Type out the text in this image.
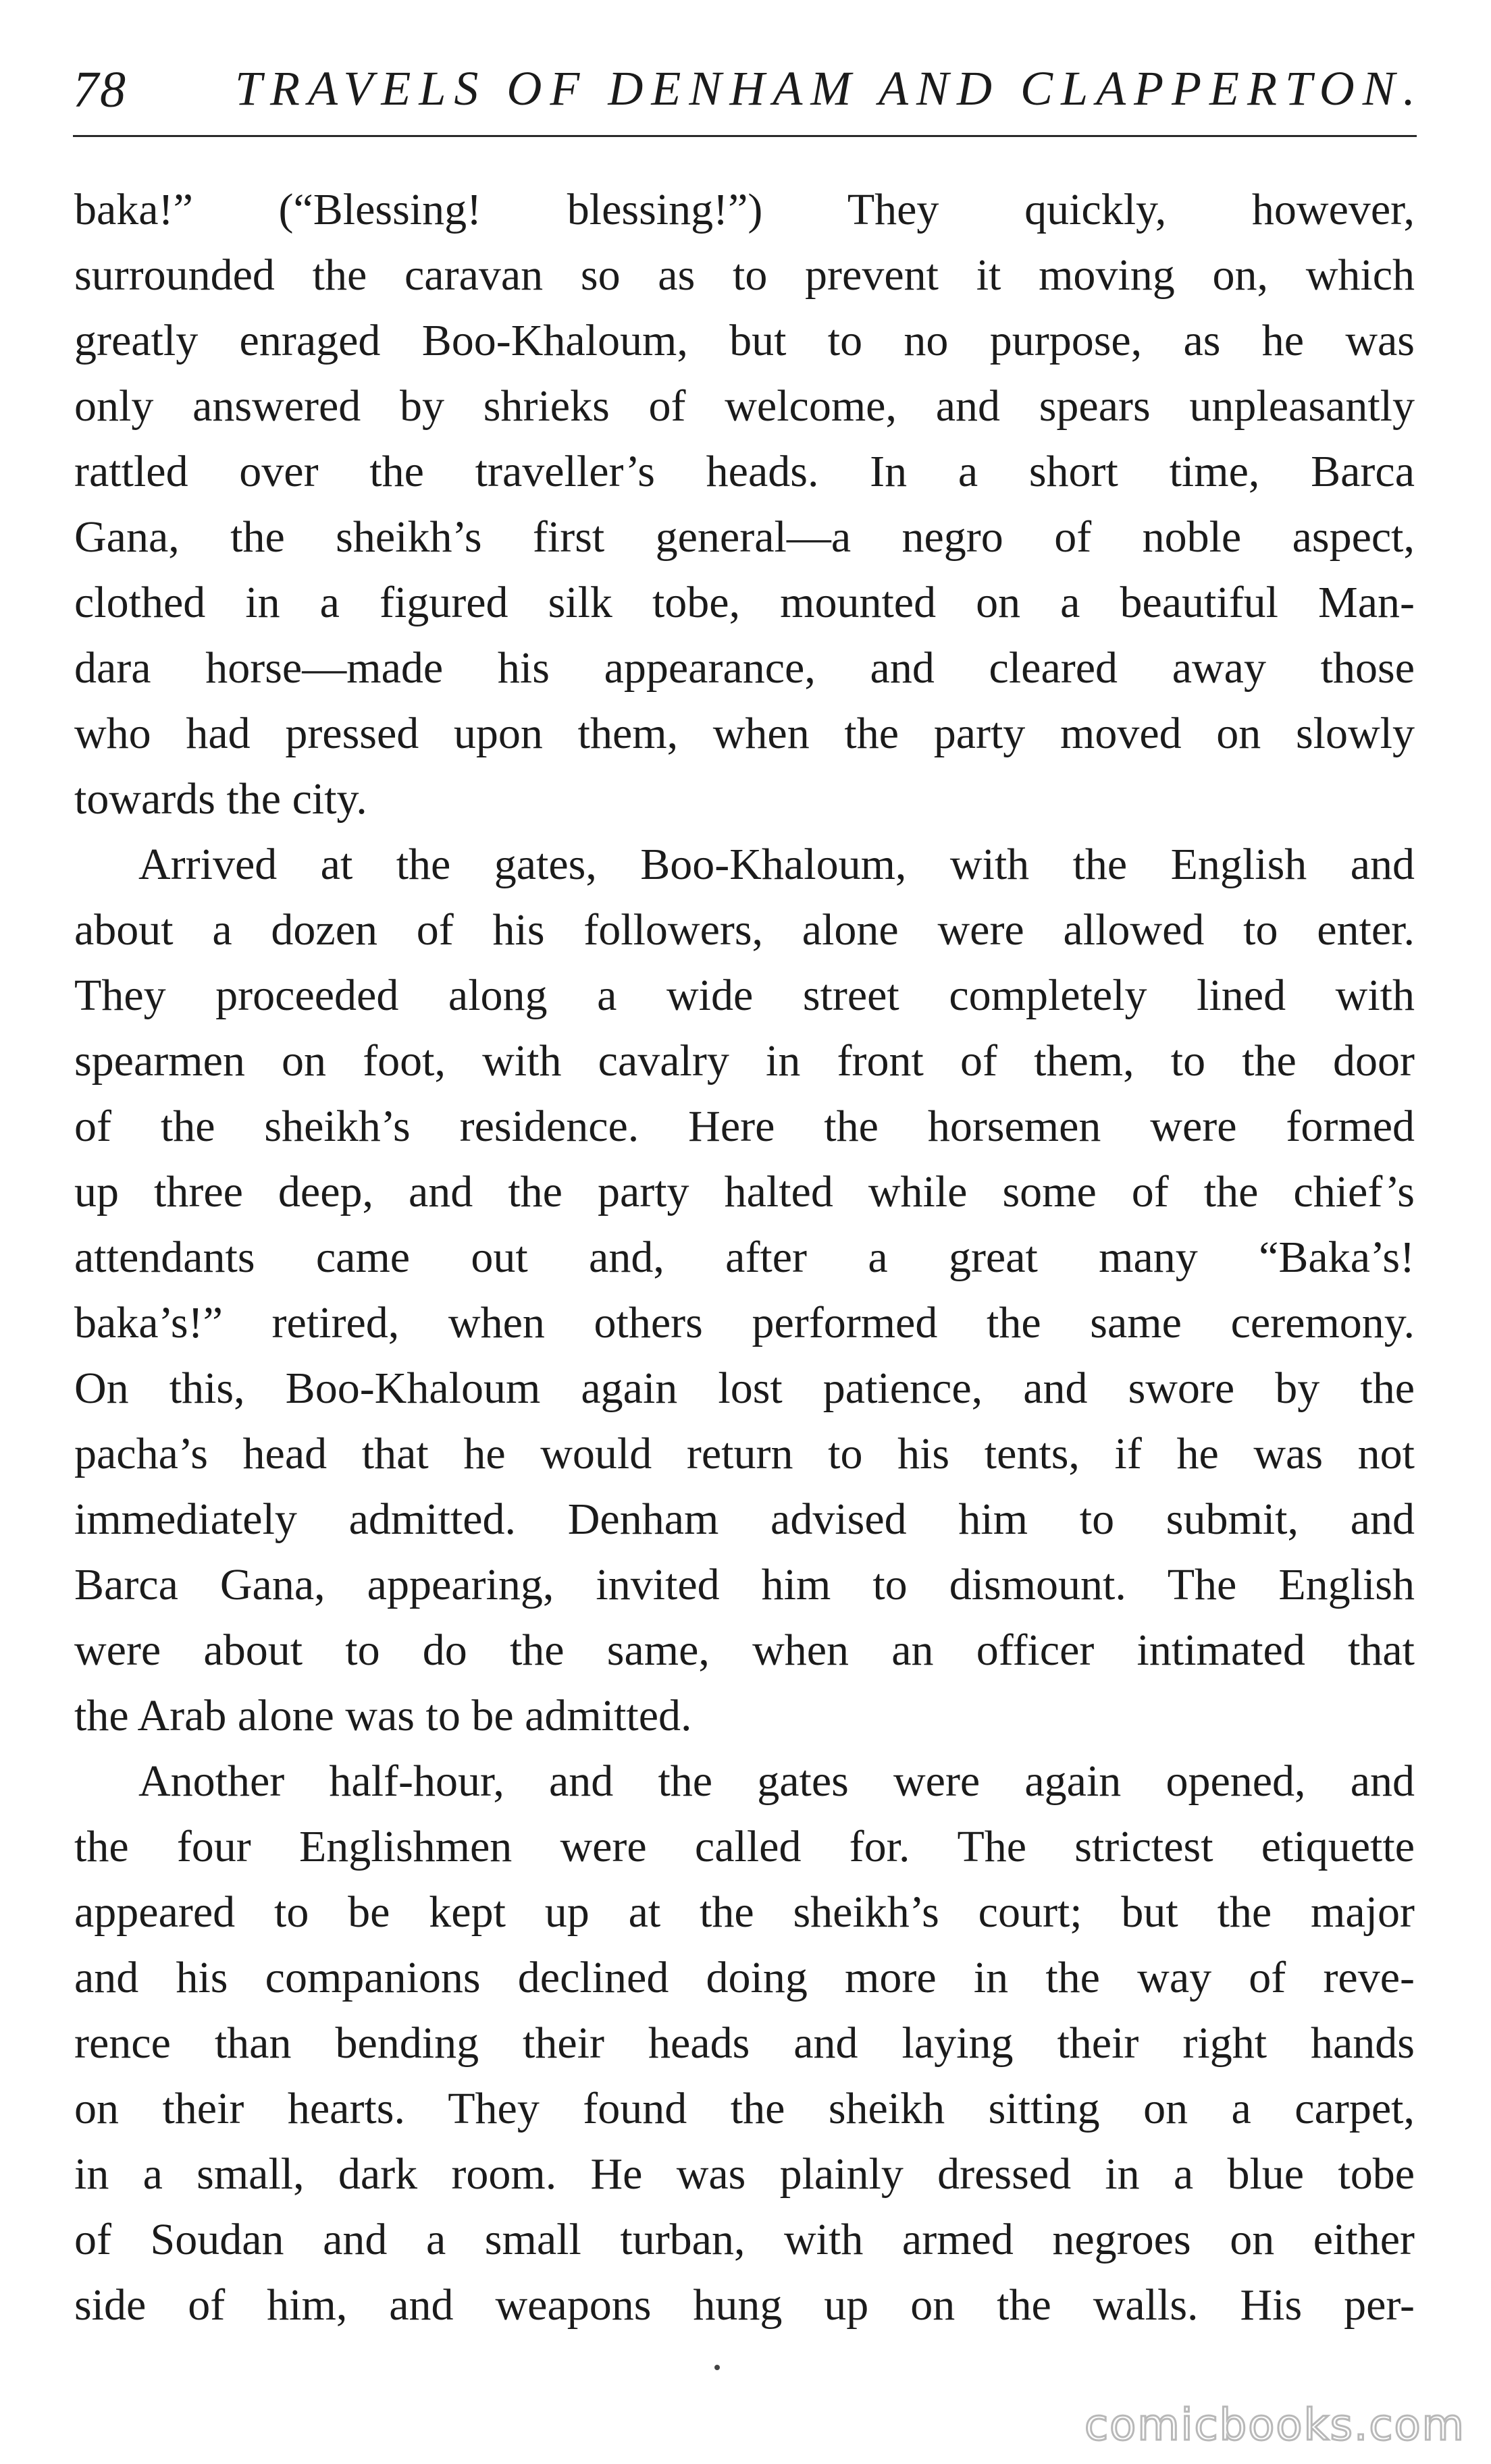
78 TRAVELS OF DENHAM AND CLAPPERTON.
baka!” (“Blessing! blessing!”) They quickly, however,
surrounded the caravan so as to prevent it moving on, which
greatly enraged Boo-Khaloum, but to no purpose, as he was
only answered by shrieks of welcome, and spears unpleasantly
rattled over the traveller’s heads. In a short time, Barca
Gana, the sheikh’s first general—a negro of noble aspect,
clothed in a figured silk tobe, mounted on a beautiful Man-
dara horse—made his appearance, and cleared away those
who had pressed upon them, when the party moved on slowly
towards the city.
Arrived at the gates, Boo-Khaloum, with the English and
about a dozen of his followers, alone were allowed to enter.
They proceeded along a wide street completely lined with
spearmen on foot, with cavalry in front of them, to the door
of the sheikh’s residence. Here the horsemen were formed
up three deep, and the party halted while some of the chief’s
attendants came out and, after a great many “Baka’s!
baka’s!” retired, when others performed the same ceremony.
On this, Boo-Khaloum again lost patience, and swore by the
pacha’s head that he would return to his tents, if he was not
immediately admitted. Denham advised him to submit, and
Barca Gana, appearing, invited him to dismount. The English
were about to do the same, when an officer intimated that
the Arab alone was to be admitted.
Another half-hour, and the gates were again opened, and
the four Englishmen were called for. The strictest etiquette
appeared to be kept up at the sheikh’s court; but the major
and his companions declined doing more in the way of reve-
rence than bending their heads and laying their right hands
on their hearts. They found the sheikh sitting on a carpet,
in a small, dark room. He was plainly dressed in a blue tobe
of Soudan and a small turban, with armed negroes on either
side of him, and weapons hung up on the walls. His per-
comicbooks.com
